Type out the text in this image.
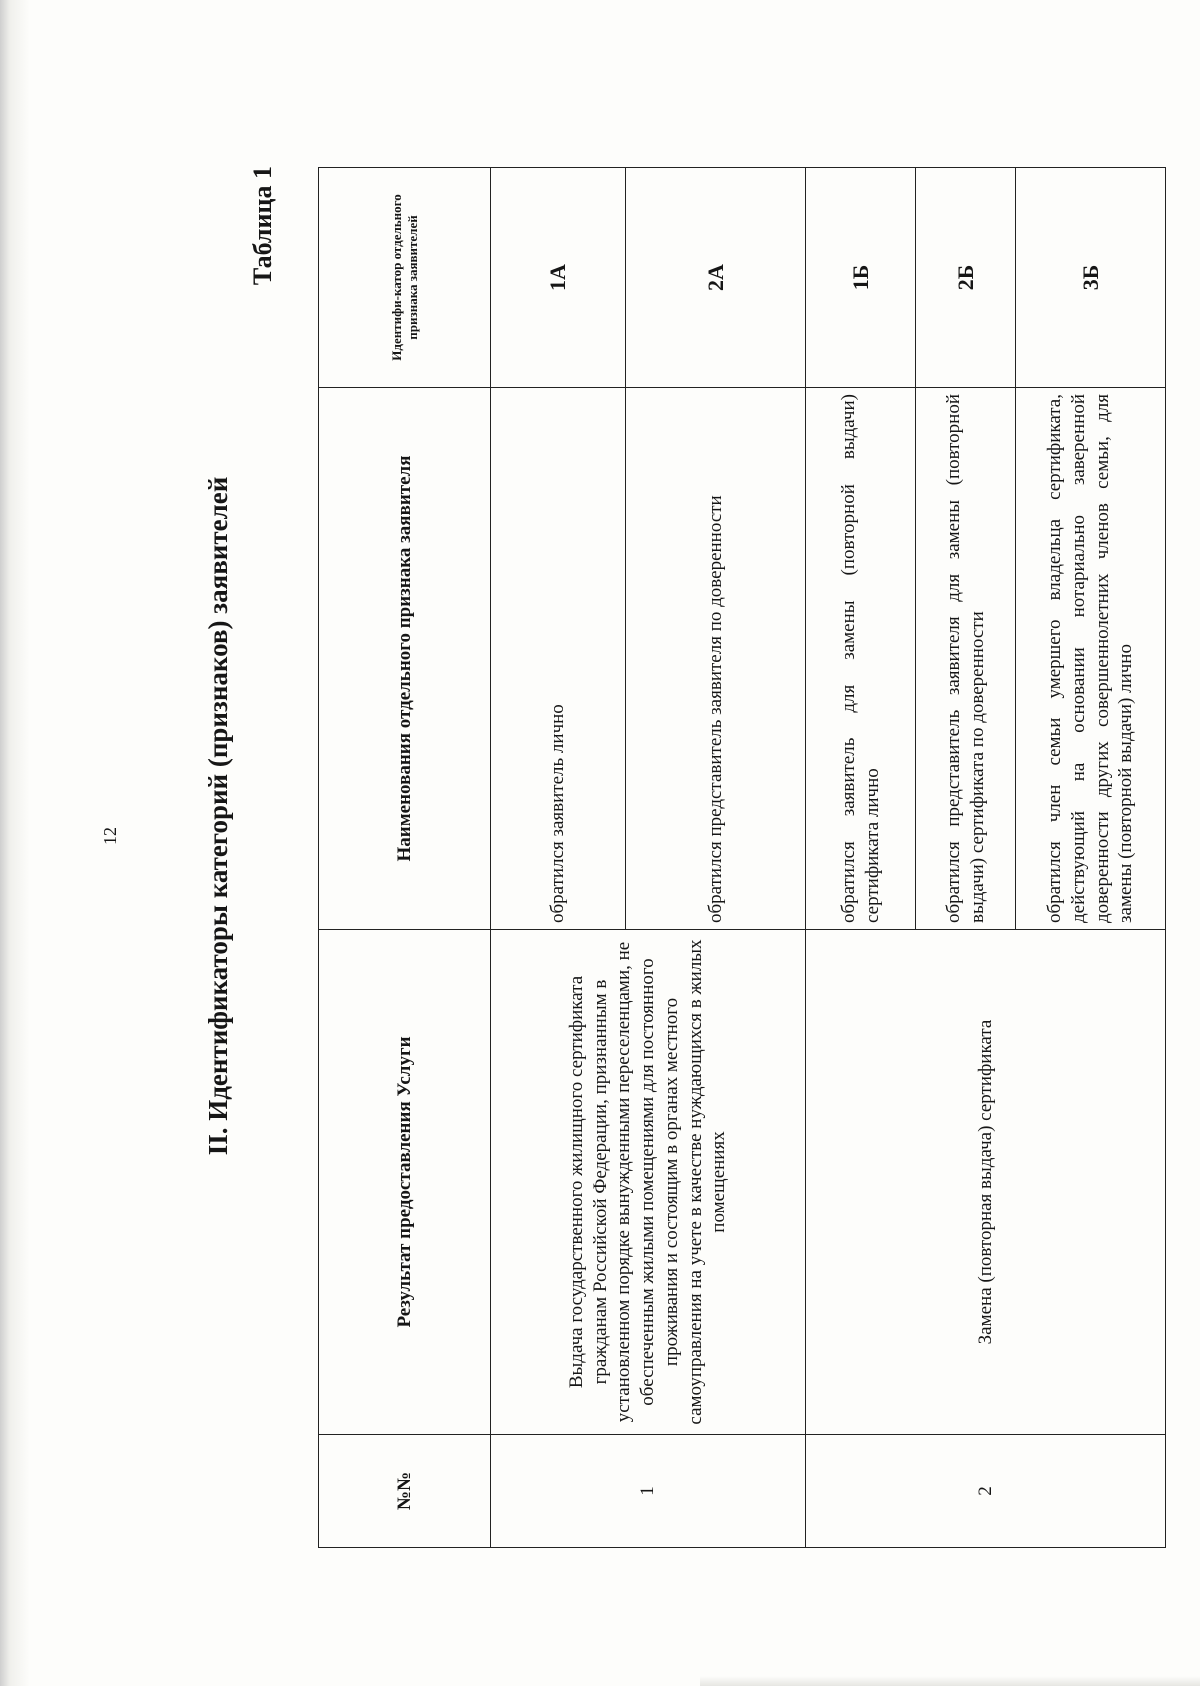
12	II. Идентификаторы категорий (признаков) заявителей
Таблица 1
№№	Результат предоставления Услуги	Наименования отдельного признака заявителя	Идентифи-катор отдельного признака заявителей
1	Выдача государственного жилищного сертификата гражданам Российской Федерации, признанным в установленном порядке вынужденными переселенцами, не обеспеченным жилыми помещениями для постоянного проживания и состоящим в органах местного самоуправления на учете в качестве нуждающихся в жилых помещениях	обратился заявитель лично	1А
		обратился представитель заявителя по доверенности	2А
2	Замена (повторная выдача) сертификата	обратился заявитель для замены (повторной выдачи) сертификата лично	1Б
		обратился представитель заявителя для замены (повторной выдачи) сертификата по доверенности	2Б
		обратился член семьи умершего владельца сертификата, действующий на основании нотариально заверенной доверенности других совершеннолетних членов семьи, для замены (повторной выдачи) лично	3Б
